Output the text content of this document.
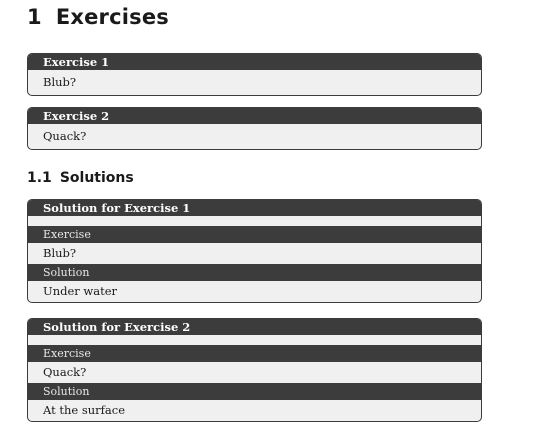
1 Exercises
Exercise 1
Blub?
Exercise 2
Quack?
1.1 Solutions
Solution for Exercise 1
Exercise
Blub?
Solution
Under water
Solution for Exercise 2
Exercise
Quack?
Solution
At the surface
